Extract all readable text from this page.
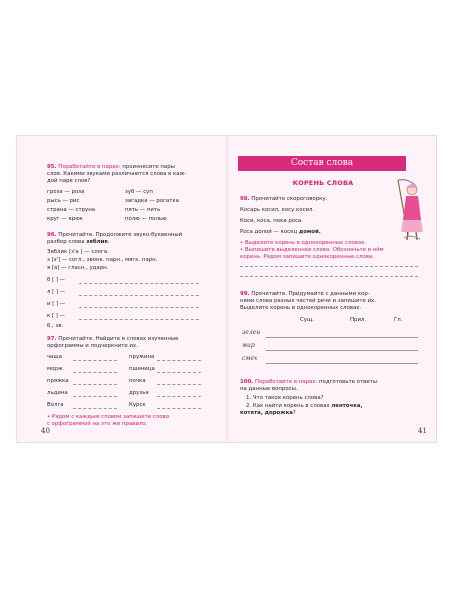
95. Поработайте в парах: произнесите пары
слов. Какими звуками различаются слова в каж-
дой паре слов?
гроза — роза	зуб — суп
рысь — рис	загадка — рогатка
страна — струна	пять — пить
круг — крюк	полю — полью
96. Прочитайте. Продолжите звуко-буквенный
разбор слова зяблик.
Зяблик [з'а ] — слога.
з [з'] — согл., звонк. парн., мягк. парн.
я [а] — гласн., ударн.
б [ ] —
л [ ] —
и [ ] —
к [ ] —
б., зв.
97. Прочитайте. Найдите в словах изученные
орфограммы и подчеркните их.
чаща	пружина
морж	пшеница
пряжка	почка
льдина	друзья
Волга	Курск
• Рядом с каждым словом запишите слово
с орфограммой на это же правило.
40
Состав слова
КОРЕНЬ СЛОВА
98. Прочитайте скороговорку.
Косарь косил, косу косил.
Коси, коса, пока роса.
Роса долой — косец домой.
• Выделите корень в однокоренных словах.
• Выпишите выделенное слово. Обозначьте в нём
корень. Рядом запишите однокоренные слова.
99. Прочитайте. Придумайте с данными кор-
нями слова разных частей речи и запишите их.
Выделите корень в однокоренных словах.
Сущ.	Прил.	Гл.
зелен
мир
смех
100. Поработайте в парах: подготовьте ответы
на данные вопросы.
1. Что такое корень слова?
2. Как найти корень в словах ленточка,
котята, дорожка?
41
